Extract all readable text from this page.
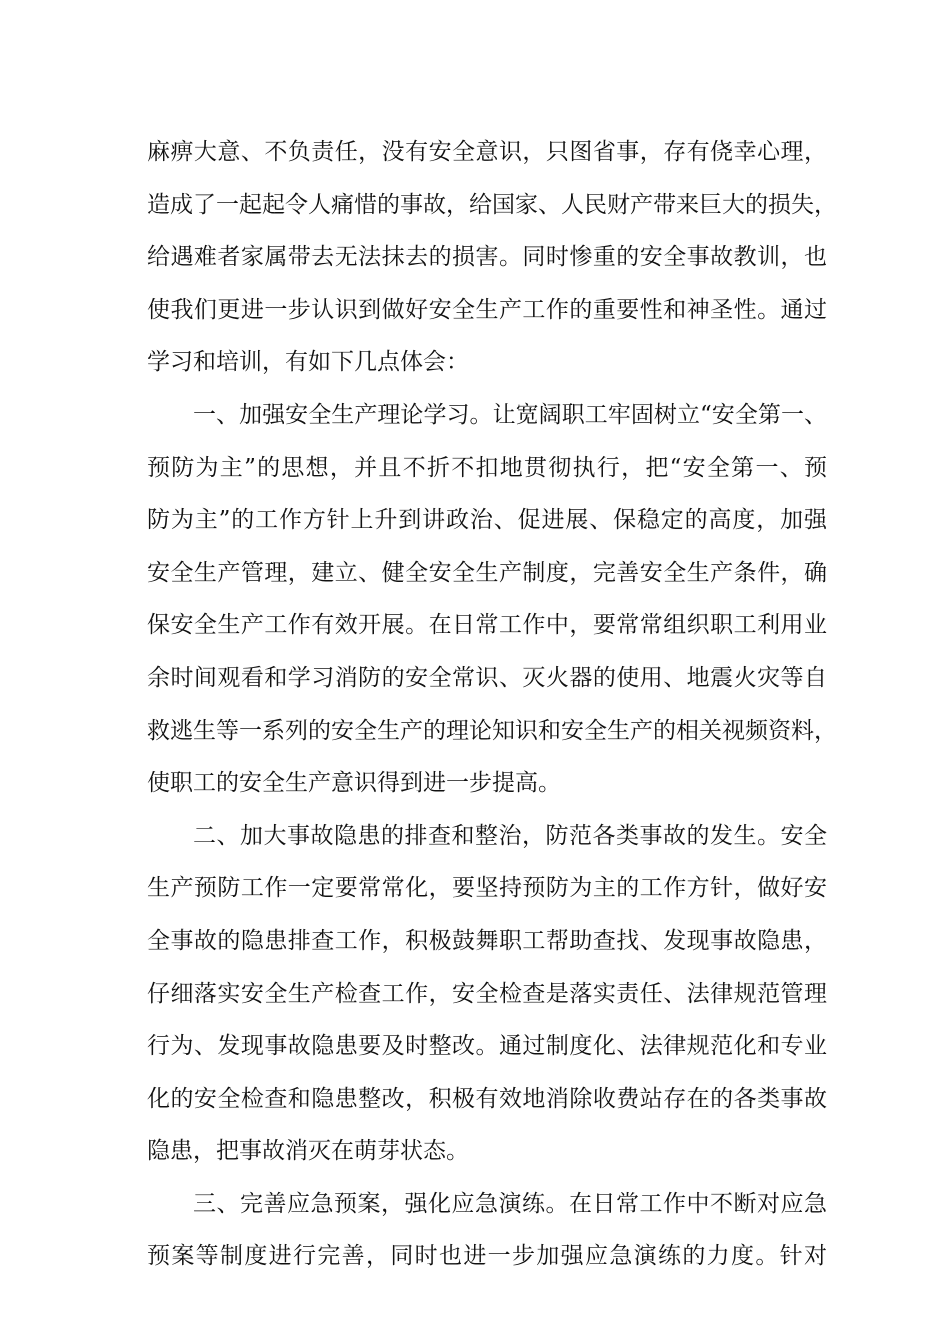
麻痹大意、不负责任，没有安全意识，只图省事，存有侥幸心理，
造成了一起起令人痛惜的事故，给国家、人民财产带来巨大的损失，
给遇难者家属带去无法抹去的损害。同时惨重的安全事故教训，也
使我们更进一步认识到做好安全生产工作的重要性和神圣性。通过
学习和培训，有如下几点体会：
一、加强安全生产理论学习。让宽阔职工牢固树立“安全第一、
预防为主”的思想，并且不折不扣地贯彻执行，把“安全第一、预
防为主”的工作方针上升到讲政治、促进展、保稳定的高度，加强
安全生产管理，建立、健全安全生产制度，完善安全生产条件，确
保安全生产工作有效开展。在日常工作中，要常常组织职工利用业
余时间观看和学习消防的安全常识、灭火器的使用、地震火灾等自
救逃生等一系列的安全生产的理论知识和安全生产的相关视频资料，
使职工的安全生产意识得到进一步提高。
二、加大事故隐患的排查和整治，防范各类事故的发生。安全
生产预防工作一定要常常化，要坚持预防为主的工作方针，做好安
全事故的隐患排查工作，积极鼓舞职工帮助查找、发现事故隐患，
仔细落实安全生产检查工作，安全检查是落实责任、法律规范管理
行为、发现事故隐患要及时整改。通过制度化、法律规范化和专业
化的安全检查和隐患整改，积极有效地消除收费站存在的各类事故
隐患，把事故消灭在萌芽状态。
三、完善应急预案，强化应急演练。在日常工作中不断对应急
预案等制度进行完善，同时也进一步加强应急演练的力度。针对
